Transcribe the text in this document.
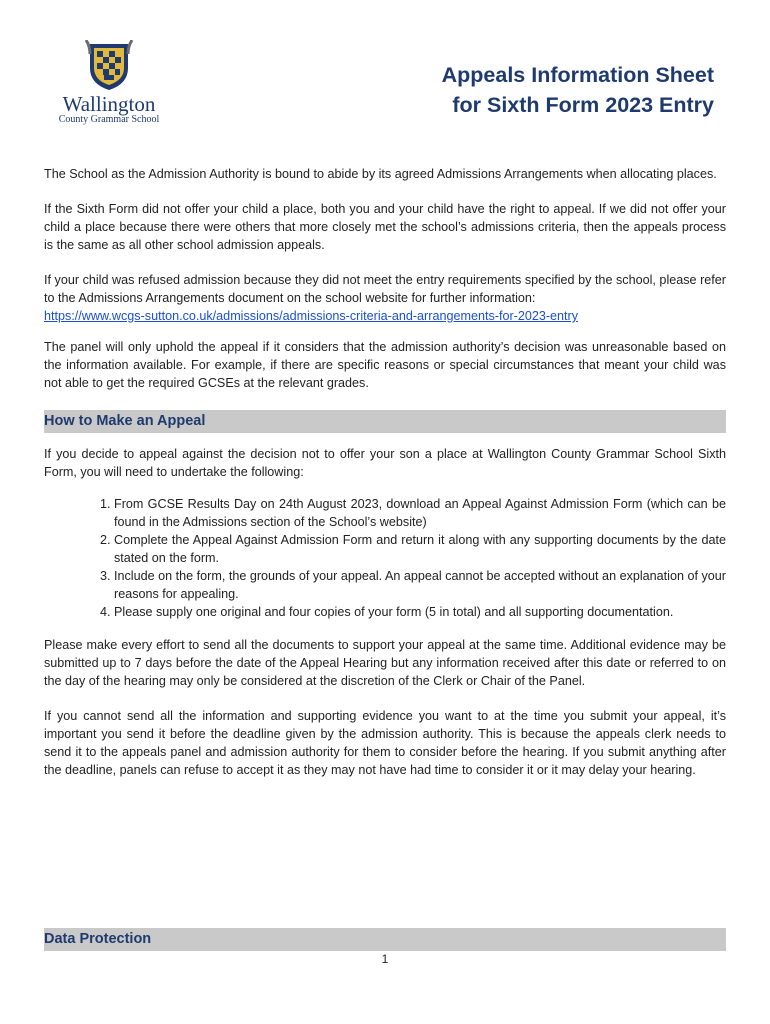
Wallington
County Grammar School
Appeals Information Sheet
for Sixth Form 2023 Entry

The School as the Admission Authority is bound to abide by its agreed Admissions Arrangements when allocating places.

If the Sixth Form did not offer your child a place, both you and your child have the right to appeal. If we did not offer your child a place because there were others that more closely met the school’s admissions criteria, then the appeals process is the same as all other school admission appeals.

If your child was refused admission because they did not meet the entry requirements specified by the school, please refer to the Admissions Arrangements document on the school website for further information:
https://www.wcgs-sutton.co.uk/admissions/admissions-criteria-and-arrangements-for-2023-entry

The panel will only uphold the appeal if it considers that the admission authority’s decision was unreasonable based on the information available. For example, if there are specific reasons or special circumstances that meant your child was not able to get the required GCSEs at the relevant grades.

How to Make an Appeal

If you decide to appeal against the decision not to offer your son a place at Wallington County Grammar School Sixth Form, you will need to undertake the following:

1. From GCSE Results Day on 24th August 2023, download an Appeal Against Admission Form (which can be found in the Admissions section of the School’s website)
2. Complete the Appeal Against Admission Form and return it along with any supporting documents by the date stated on the form.
3. Include on the form, the grounds of your appeal. An appeal cannot be accepted without an explanation of your reasons for appealing.
4. Please supply one original and four copies of your form (5 in total) and all supporting documentation.

Please make every effort to send all the documents to support your appeal at the same time. Additional evidence may be submitted up to 7 days before the date of the Appeal Hearing but any information received after this date or referred to on the day of the hearing may only be considered at the discretion of the Clerk or Chair of the Panel.

If you cannot send all the information and supporting evidence you want to at the time you submit your appeal, it’s important you send it before the deadline given by the admission authority. This is because the appeals clerk needs to send it to the appeals panel and admission authority for them to consider before the hearing. If you submit anything after the deadline, panels can refuse to accept it as they may not have had time to consider it or it may delay your hearing.

Data Protection
1
